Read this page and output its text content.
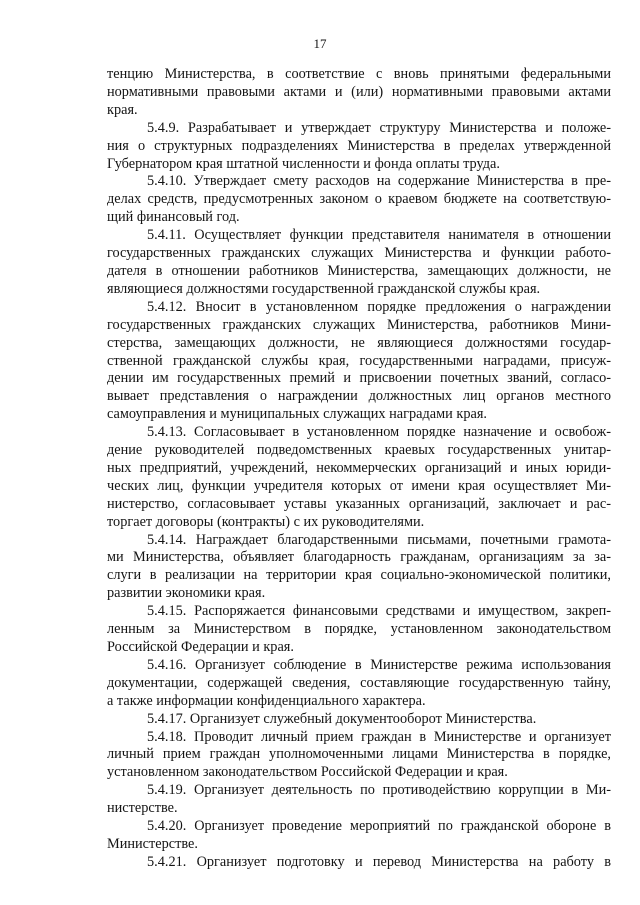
17

тенцию Министерства, в соответствие с вновь принятыми федеральными
нормативными правовыми актами и (или) нормативными правовыми актами
края.

5.4.9. Разрабатывает и утверждает структуру Министерства и положе-
ния о структурных подразделениях Министерства в пределах утвержденной
Губернатором края штатной численности и фонда оплаты труда.

5.4.10. Утверждает смету расходов на содержание Министерства в пре-
делах средств, предусмотренных законом о краевом бюджете на соответствую-
щий финансовый год.

5.4.11. Осуществляет функции представителя нанимателя в отношении
государственных гражданских служащих Министерства и функции работо-
дателя в отношении работников Министерства, замещающих должности, не
являющиеся должностями государственной гражданской службы края.

5.4.12. Вносит в установленном порядке предложения о награждении
государственных гражданских служащих Министерства, работников Мини-
стерства, замещающих должности, не являющиеся должностями государ-
ственной гражданской службы края, государственными наградами, присуж-
дении им государственных премий и присвоении почетных званий, согласо-
вывает представления о награждении должностных лиц органов местного
самоуправления и муниципальных служащих наградами края.

5.4.13. Согласовывает в установленном порядке назначение и освобож-
дение руководителей подведомственных краевых государственных унитар-
ных предприятий, учреждений, некоммерческих организаций и иных юриди-
ческих лиц, функции учредителя которых от имени края осуществляет Ми-
нистерство, согласовывает уставы указанных организаций, заключает и рас-
торгает договоры (контракты) с их руководителями.

5.4.14. Награждает благодарственными письмами, почетными грамота-
ми Министерства, объявляет благодарность гражданам, организациям за за-
слуги в реализации на территории края социально-экономической политики,
развитии экономики края.

5.4.15. Распоряжается финансовыми средствами и имуществом, закреп-
ленным за Министерством в порядке, установленном законодательством
Российской Федерации и края.

5.4.16. Организует соблюдение в Министерстве режима использования
документации, содержащей сведения, составляющие государственную тайну,
а также информации конфиденциального характера.

5.4.17. Организует служебный документооборот Министерства.

5.4.18. Проводит личный прием граждан в Министерстве и организует
личный прием граждан уполномоченными лицами Министерства в порядке,
установленном законодательством Российской Федерации и края.

5.4.19. Организует деятельность по противодействию коррупции в Ми-
нистерстве.

5.4.20. Организует проведение мероприятий по гражданской обороне в
Министерстве.

5.4.21. Организует подготовку и перевод Министерства на работу в
